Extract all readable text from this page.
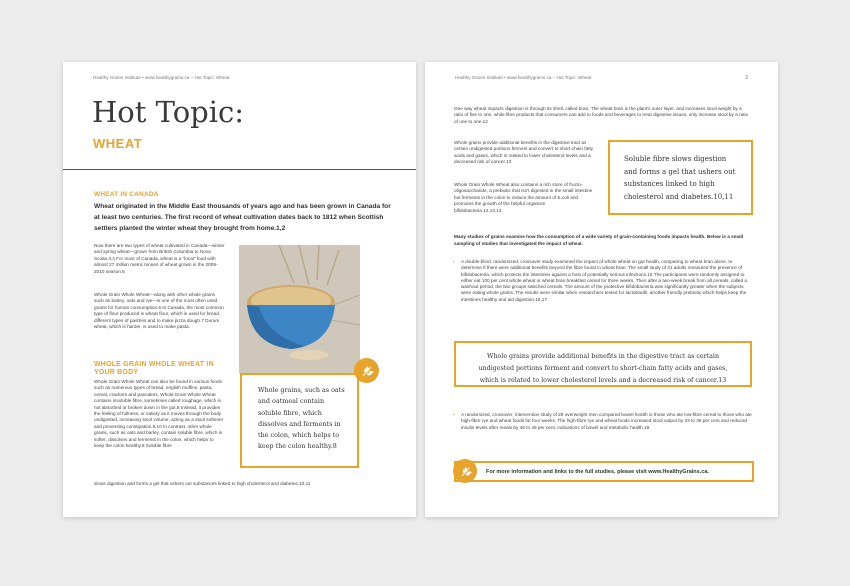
Healthy Grains Institute • www.healthygrains.ca – Hot Topic: Wheat
Hot Topic:
WHEAT
WHEAT IN CANADA
Wheat originated in the Middle East thousands of years ago and has been grown in Canada for at least two centuries. The first record of wheat cultivation dates back to 1812 when Scottish settlers planted the winter wheat they brought from home.1,2
Now there are two types of wheat cultivated in Canada—winter and spring wheat—grown from British Columbia to Nova Scotia.3,4 For most of Canada, wheat is a "local" food with almost 27 million metric tonnes of wheat grown in the 2009-2010 season.5
Whole Grain Whole Wheat—along with other whole grains such as barley, oats and rye—is one of the most often used grains for human consumption.6 In Canada, the most common type of flour produced is wheat flour, which is used for bread, different types of pastries and to make pizza dough.7 Durum wheat, which is harder, is used to make pasta.
WHOLE GRAIN WHOLE WHEAT IN YOUR BODY
Whole Grain Whole Wheat can also be found in various foods such as numerous types of bread, english muffins, pasta, cereal, crackers and pancakes. Whole Grain Whole Wheat contains insoluble fibre, sometimes called roughage, which is not absorbed or broken down in the gut.8 Instead, it provides the feeling of fullness, or satiety as it moves through the body undigested, increasing stool volume, acting as a stool softener and preventing constipation.9,10 In contrast, other whole grains, such as oats and barley, contain soluble fibre, which is softer, dissolves and ferments in the colon, which helps to keep the colon healthy.8 Soluble fibre
slows digestion and forms a gel that ushers out substances linked to high cholesterol and diabetes.10,11
Whole grains, such as oats and oatmeal contain soluble fibre, which dissolves and ferments in the colon, which helps to keep the colon healthy.8
Healthy Grains Institute • www.healthygrains.ca – Hot Topic: Wheat	2
One way wheat impacts digestion is through its shell, called bran. The wheat bran is the plant's outer layer, and increases stool weight by a ratio of five to one, while fibre products that consumers can add to foods and beverages to treat digestive issues, only increase stool by a ratio of one to one.12
Whole grains provide additional benefits in the digestive tract as certain undigested portions ferment and convert to short-chain fatty acids and gases, which is related to lower cholesterol levels and a decreased risk of cancer.13
Whole Grain Whole Wheat also contains a rich store of fructo-oligosaccharide, a prebiotic that isn't digested in the small intestine but ferments in the colon to reduce the amount of E.coli and promotes the growth of the helpful organism bifidobacteria.12,13,14
Soluble fibre slows digestion and forms a gel that ushers out substances linked to high cholesterol and diabetes.10,11
Many studies of grains examine how the consumption of a wide variety of grain-containing foods impacts health. Below is a small sampling of studies that investigated the impact of wheat.
• A double-blind, randomized, crossover study examined the impact of whole wheat on gut health, comparing to wheat bran alone, to determine if there were additional benefits beyond the fibre found in wheat bran. The small study of 31 adults measured the presence of bifidobacteria, which protects the intestines against a host of potentially serious infections.15 The participants were randomly assigned to either eat 100 per cent whole wheat or wheat bran breakfast cereal for three weeks. Then after a two-week break from all cereals, called a washout period, the two groups switched cereals. The amount of the protective bifidobacteria was significantly greater when the subjects were eating whole grains. The results were similar when researchers tested for lactobacilli, another friendly prebiotic which helps keep the intestines healthy and aid digestion.16,17
Whole grains provide additional benefits in the digestive tract as certain undigested portions ferment and convert to short-chain fatty acids and gases, which is related to lower cholesterol levels and a decreased risk of cancer.13
• A randomized, crossover, intervention study of 28 overweight men compared bowel health in those who ate low-fibre cereal to those who ate high-fibre rye and wheat foods for four weeks. The high-fibre rye and wheat foods increased stool output by 33 to 36 per cent and reduced insulin levels after meals by 46 to 49 per cent, indications of bowel and metabolic health.18
For more information and links to the full studies, please visit www.HealthyGrains.ca.
